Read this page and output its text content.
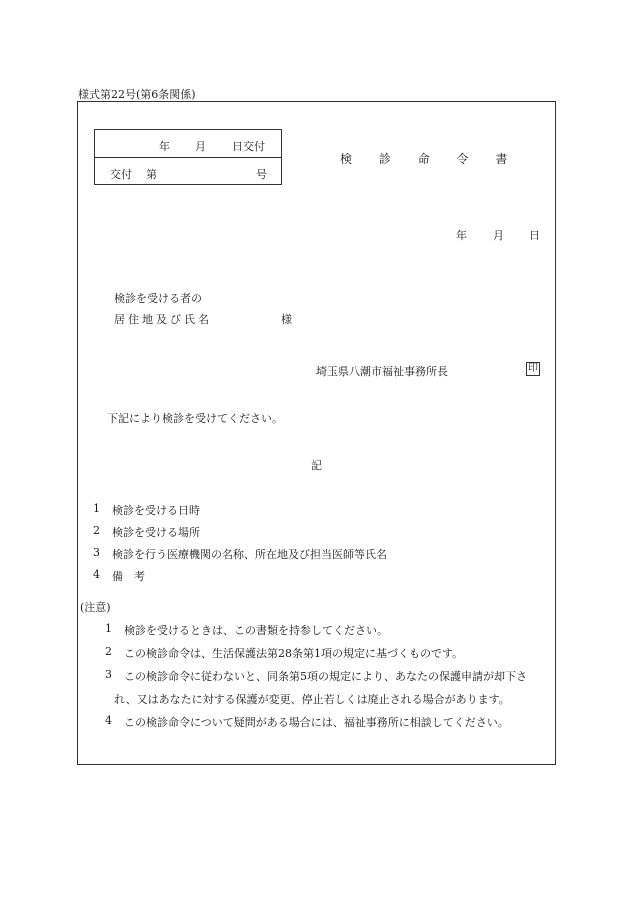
様式第22号(第6条関係)
年 月 日交付
交付 第	号
検 診 命 令 書
年 月 日
検診を受ける者の
居住地及び氏名	様
埼玉県八潮市福祉事務所長	印
下記により検診を受けてください。
記
1 検診を受ける日時
2 検診を受ける場所
3 検診を行う医療機関の名称、所在地及び担当医師等氏名
4 備　考
(注意)
1 検診を受けるときは、この書類を持参してください。
2 この検診命令は、生活保護法第28条第1項の規定に基づくものです。
3 この検診命令に従わないと、同条第5項の規定により、あなたの保護申請が却下さ
れ、又はあなたに対する保護が変更、停止若しくは廃止される場合があります。
4 この検診命令について疑問がある場合には、福祉事務所に相談してください。
